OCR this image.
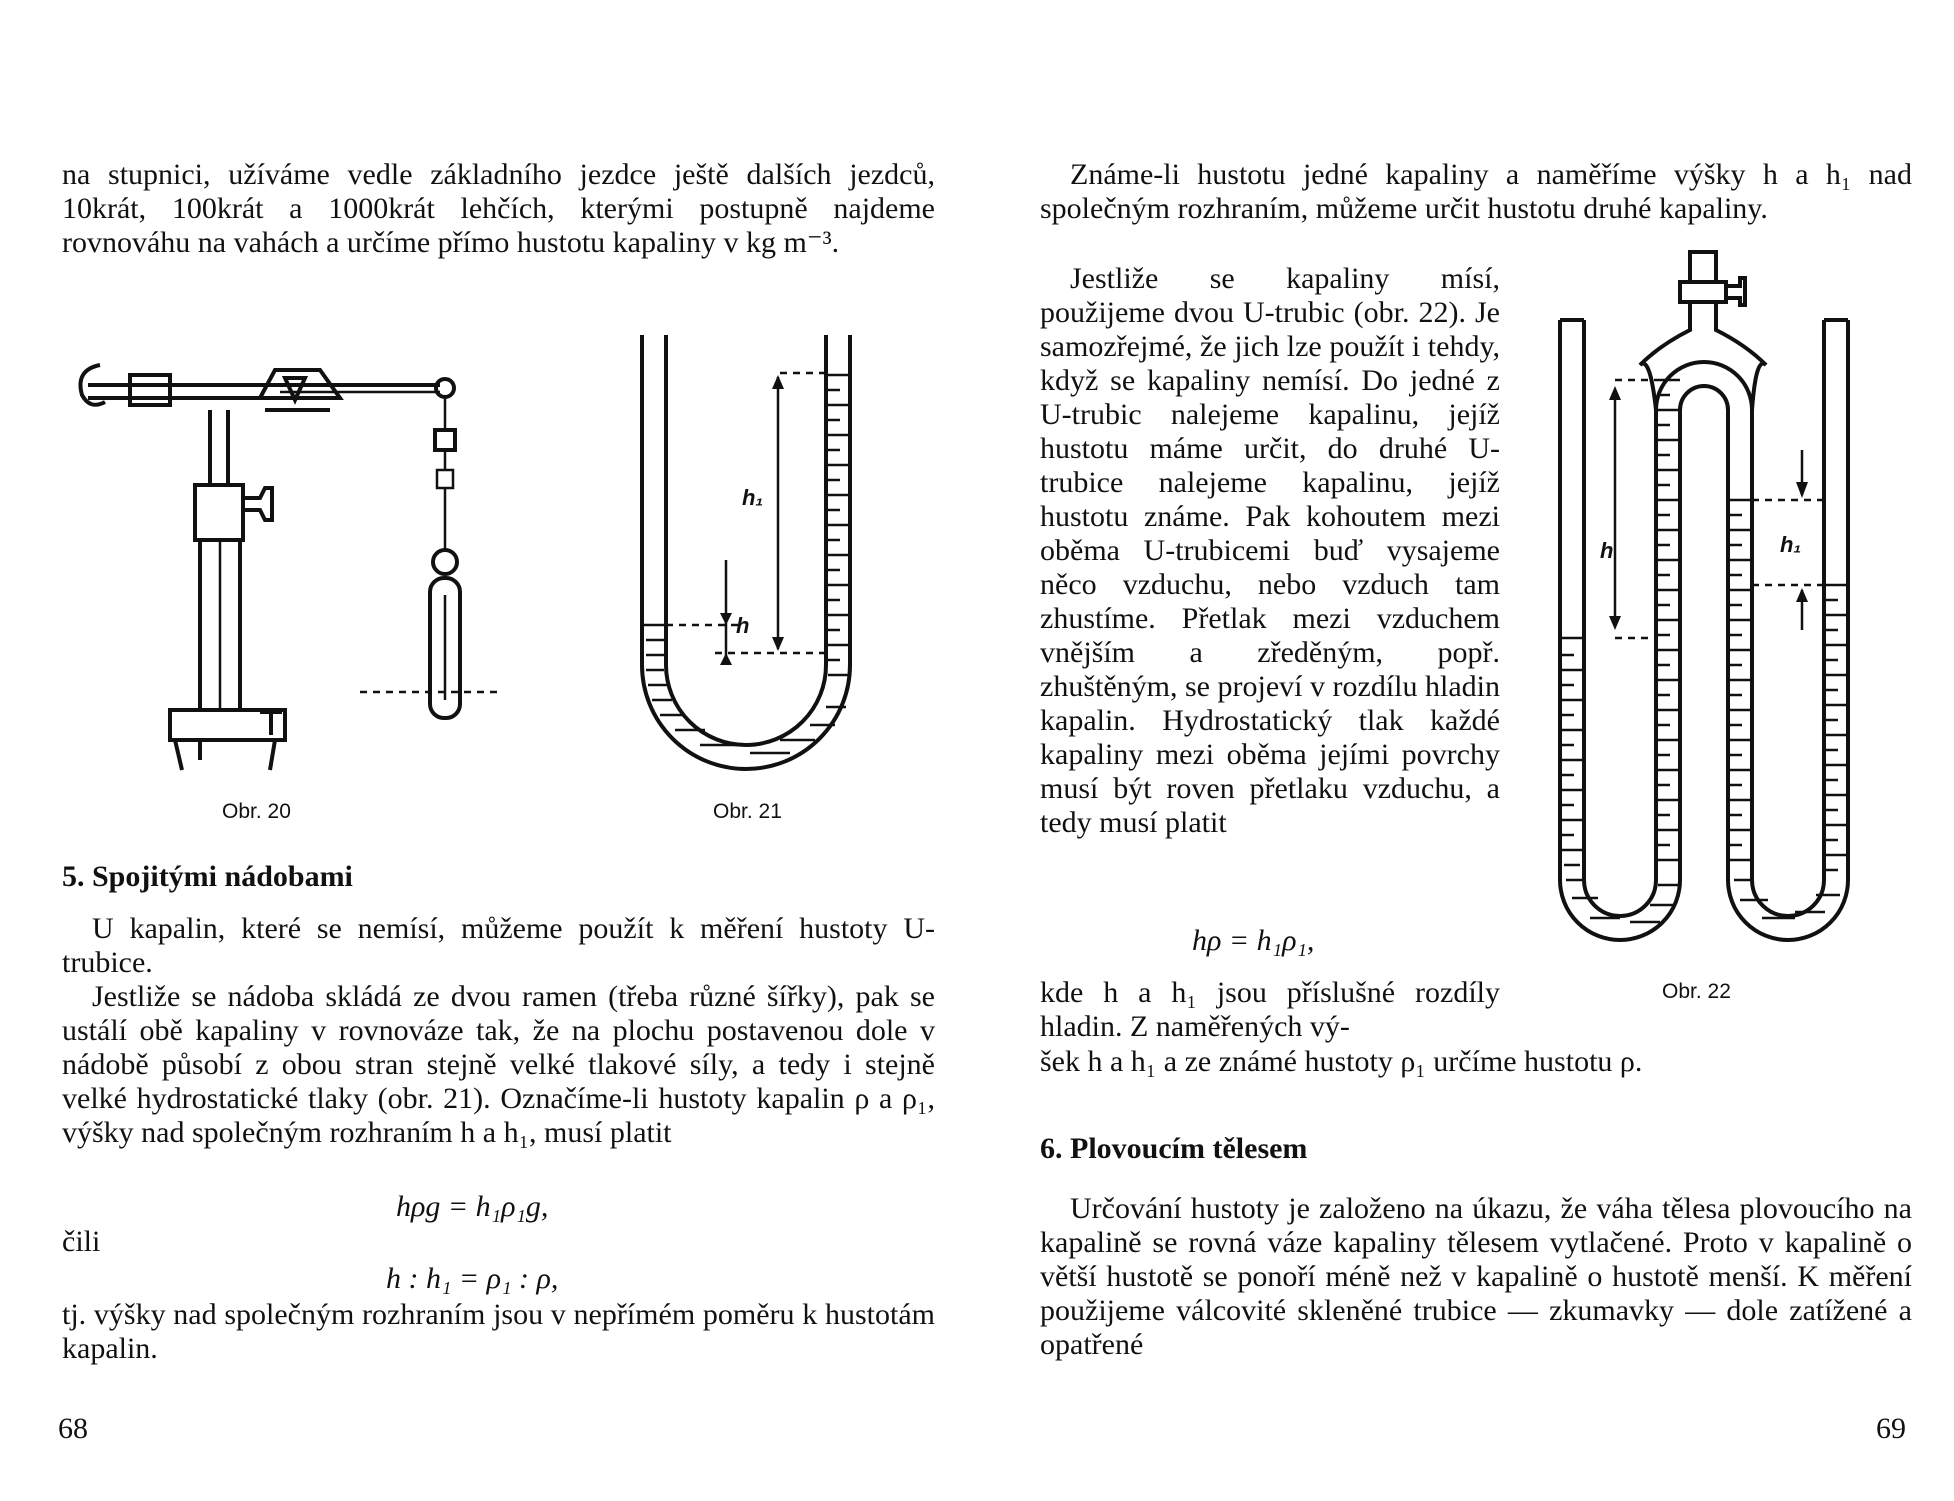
na stupnici, užíváme vedle základního jezdce ještě dalších jezdců, 10krát, 100krát a 1000krát lehčích, kterými postupně najdeme rovnováhu na vahách a určíme přímo hustotu kapaliny v kg m⁻³.

Obr. 20
h₁
h
Obr. 21
5. Spojitými nádobami

U kapalin, které se nemísí, můžeme použít k měření hustoty U-trubice.

Jestliže se nádoba skládá ze dvou ramen (třeba různé šířky), pak se ustálí obě kapaliny v rovnováze tak, že na plochu postavenou dole v nádobě působí z obou stran stejně velké tlakové síly, a tedy i stejně velké hydrostatické tlaky (obr. 21). Označíme-li hustoty kapalin ρ a ρ₁, výšky nad společným rozhraním h a h₁, musí platit

hρg = h₁ρ₁g,
čili
h : h₁ = ρ₁ : ρ,

tj. výšky nad společným rozhraním jsou v nepřímém poměru k hustotám kapalin.

68

Známe-li hustotu jedné kapaliny a naměříme výšky h a h₁ nad společným rozhraním, můžeme určit hustotu druhé kapaliny.

Jestliže se kapaliny mísí, použijeme dvou U-trubic (obr. 22). Je samozřejmé, že jich lze použít i tehdy, když se kapaliny nemísí. Do jedné z U-trubic nalejeme kapalinu, jejíž hustotu máme určit, do druhé U-trubice nalejeme kapalinu, jejíž hustotu známe. Pak kohoutem mezi oběma U-trubicemi buď vysajeme něco vzduchu, nebo vzduch tam zhustíme. Přetlak mezi vzduchem vnějším a zředěným, popř. zhuštěným, se projeví v rozdílu hladin kapalin. Hydrostatický tlak každé kapaliny mezi oběma jejími povrchy musí být roven přetlaku vzduchu, a tedy musí platit

h	h₁
Obr. 22
hρ = h₁ρ₁,

kde h a h₁ jsou příslušné rozdíly hladin. Z naměřených vý-

šek h a h₁ a ze známé hustoty ρ₁ určíme hustotu ρ.

6. Plovoucím tělesem

Určování hustoty je založeno na úkazu, že váha tělesa plovoucího na kapalině se rovná váze kapaliny tělesem vytlačené. Proto v kapalině o větší hustotě se ponoří méně než v kapalině o hustotě menší. K měření použijeme válcovité skleněné trubice — zkumavky — dole zatížené a opatřené

69
